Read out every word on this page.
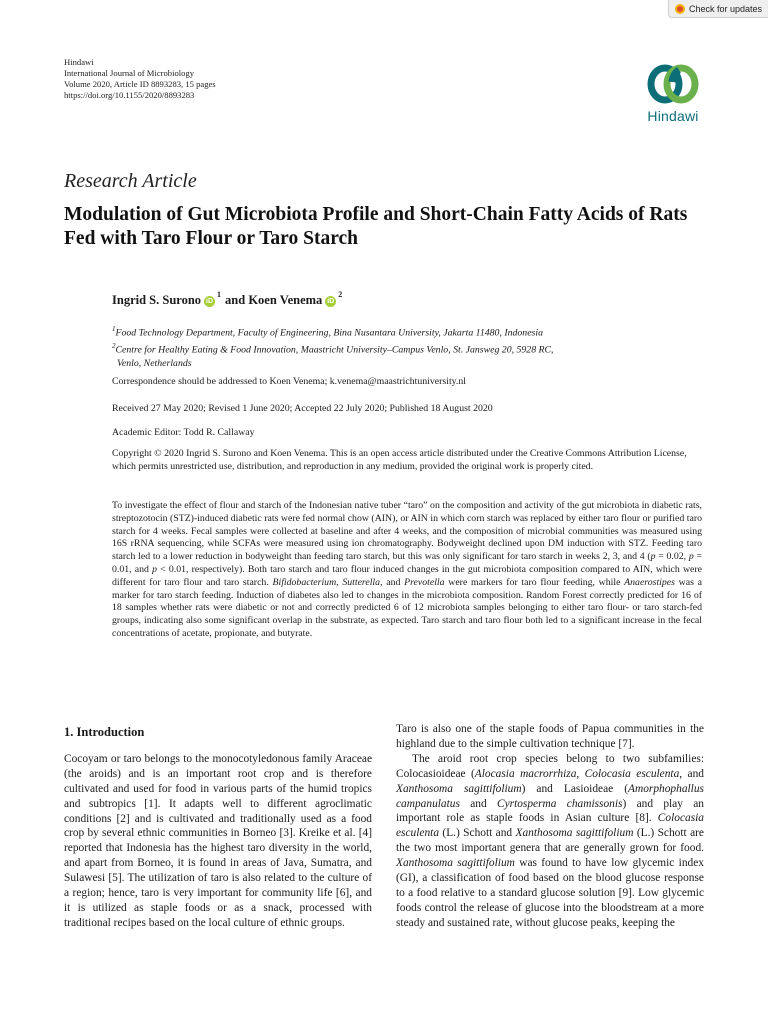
Check for updates
Hindawi
International Journal of Microbiology
Volume 2020, Article ID 8893283, 15 pages
https://doi.org/10.1155/2020/8893283
Hindawi
Research Article
Modulation of Gut Microbiota Profile and Short-Chain Fatty Acids of Rats Fed with Taro Flour or Taro Starch
Ingrid S. Surono iD
1 and Koen Venema iD
2
$^1$Food Technology Department, Faculty of Engineering, Bina Nusantara University, Jakarta 11480, Indonesia
$^2$Centre for Healthy Eating & Food Innovation, Maastricht University–Campus Venlo, St. Jansweg 20, 5928 RC,
Venlo, Netherlands
Correspondence should be addressed to Koen Venema; k.venema@maastrichtuniversity.nl
Received 27 May 2020; Revised 1 June 2020; Accepted 22 July 2020; Published 18 August 2020
Academic Editor: Todd R. Callaway
Copyright © 2020 Ingrid S. Surono and Koen Venema. This is an open access article distributed under the Creative Commons Attribution License, which permits unrestricted use, distribution, and reproduction in any medium, provided the original work is properly cited.
To investigate the effect of flour and starch of the Indonesian native tuber “taro” on the composition and activity of the gut microbiota in diabetic rats, streptozotocin (STZ)-induced diabetic rats were fed normal chow (AIN), or AIN in which corn starch was replaced by either taro flour or purified taro starch for 4 weeks. Fecal samples were collected at baseline and after 4 weeks, and the composition of microbial communities was measured using 16S rRNA sequencing, while SCFAs were measured using ion chromatography. Bodyweight declined upon DM induction with STZ. Feeding taro starch led to a lower reduction in bodyweight than feeding taro starch, but this was only significant for taro starch in weeks 2, 3, and 4 (p = 0.02, p = 0.01, and p < 0.01, respectively). Both taro starch and taro flour induced changes in the gut microbiota composition compared to AIN, which were different for taro flour and taro starch. Bifidobacterium, Sutterella, and Prevotella were markers for taro flour feeding, while Anaerostipes was a marker for taro starch feeding. Induction of diabetes also led to changes in the microbiota composition. Random Forest correctly predicted for 16 of 18 samples whether rats were diabetic or not and correctly predicted 6 of 12 microbiota samples belonging to either taro flour- or taro starch-fed groups, indicating also some significant overlap in the substrate, as expected. Taro starch and taro flour both led to a significant increase in the fecal concentrations of acetate, propionate, and butyrate.
1. Introduction
Cocoyam or taro belongs to the monocotyledonous family Araceae (the aroids) and is an important root crop and is therefore cultivated and used for food in various parts of the humid tropics and subtropics [1]. It adapts well to different agroclimatic conditions [2] and is cultivated and traditionally used as a food crop by several ethnic communities in Borneo [3]. Kreike et al. [4] reported that Indonesia has the highest taro diversity in the world, and apart from Borneo, it is found in areas of Java, Sumatra, and Sulawesi [5]. The utilization of taro is also related to the culture of a region; hence, taro is very important for community life [6], and it is utilized as staple foods or as a snack, processed with traditional recipes based on the local culture of ethnic groups.
Taro is also one of the staple foods of Papua communities in the highland due to the simple cultivation technique [7].
The aroid root crop species belong to two subfamilies: Colocasioideae (Alocasia macrorrhiza, Colocasia esculenta, and Xanthosoma sagittifolium) and Lasioideae (Amorphophallus campanulatus and Cyrtosperma chamissonis) and play an important role as staple foods in Asian culture [8]. Colocasia esculenta (L.) Schott and Xanthosoma sagittifolium (L.) Schott are the two most important genera that are generally grown for food. Xanthosoma sagittifolium was found to have low glycemic index (GI), a classification of food based on the blood glucose response to a food relative to a standard glucose solution [9]. Low glycemic foods control the release of glucose into the bloodstream at a more steady and sustained rate, without glucose peaks, keeping the
